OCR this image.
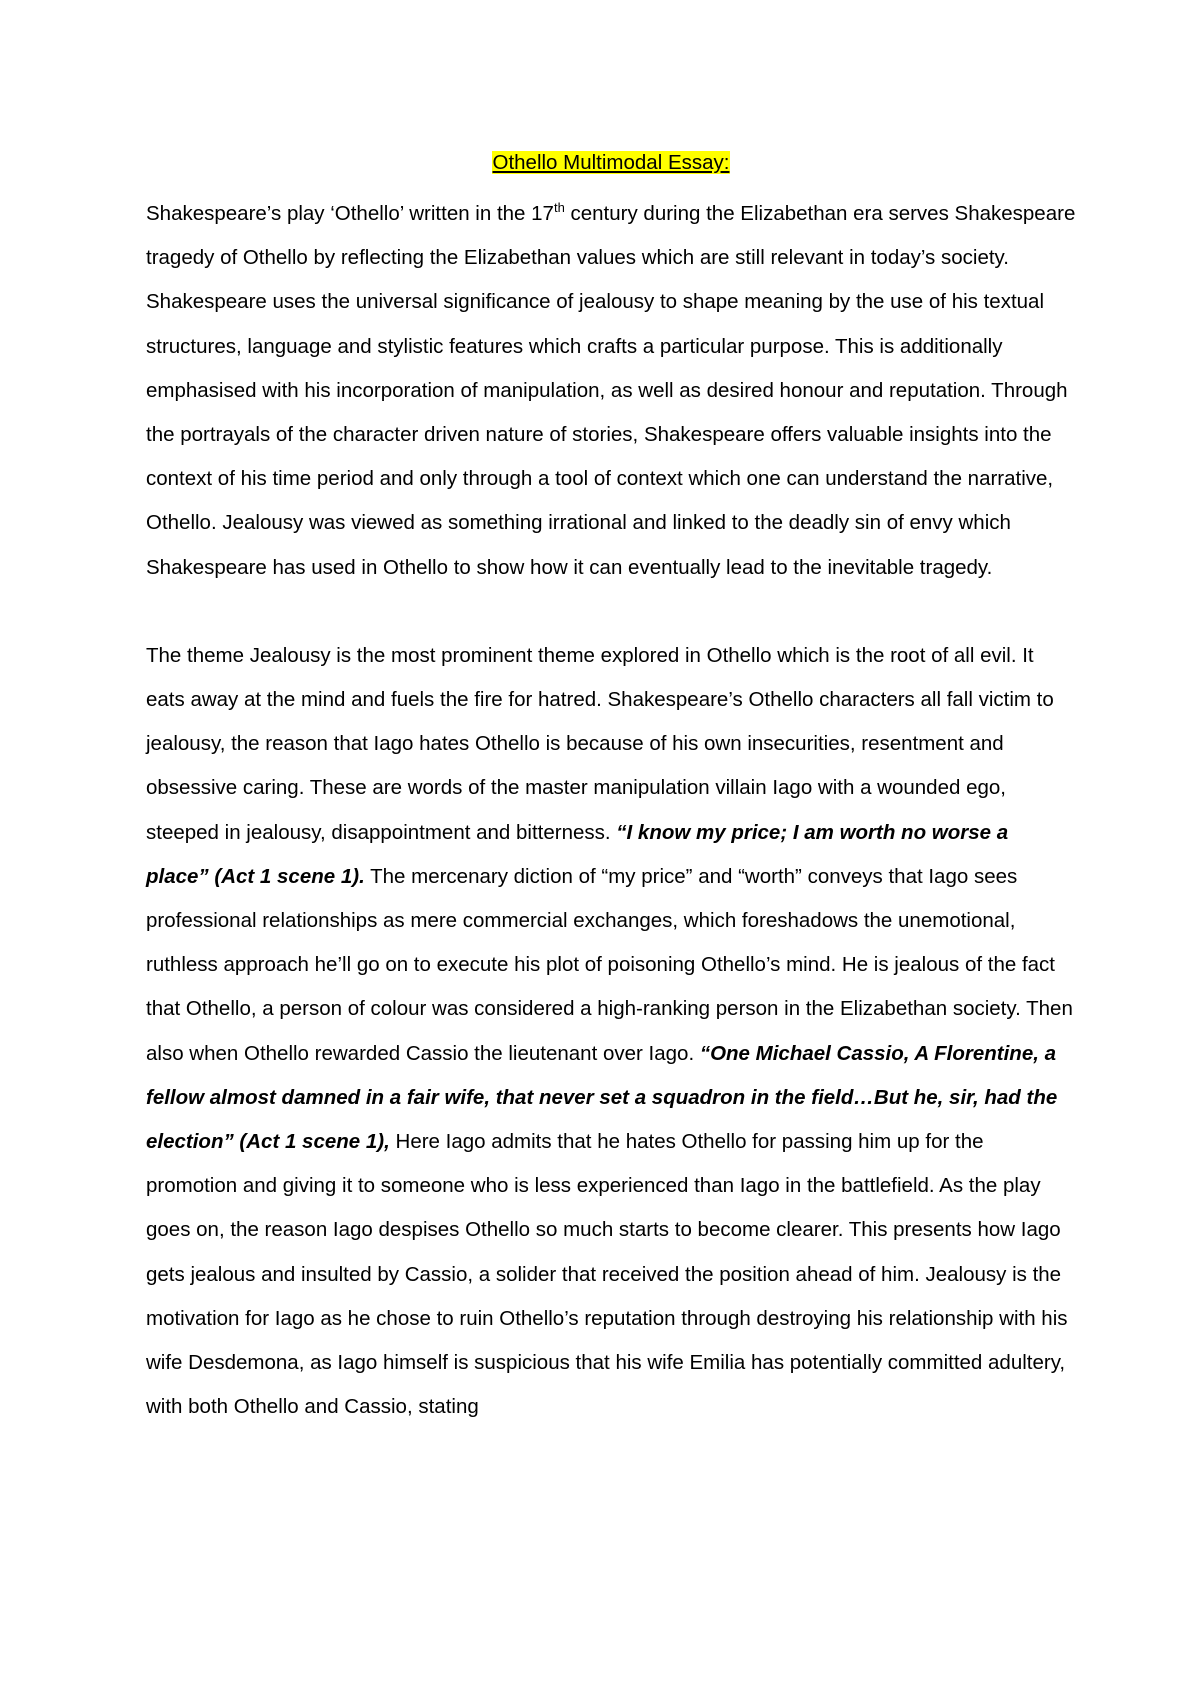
Othello Multimodal Essay:

Shakespeare’s play ‘Othello’ written in the 17th century during the Elizabethan era serves Shakespeare tragedy of Othello by reflecting the Elizabethan values which are still relevant in today’s society. Shakespeare uses the universal significance of jealousy to shape meaning by the use of his textual structures, language and stylistic features which crafts a particular purpose. This is additionally emphasised with his incorporation of manipulation, as well as desired honour and reputation. Through the portrayals of the character driven nature of stories, Shakespeare offers valuable insights into the context of his time period and only through a tool of context which one can understand the narrative, Othello. Jealousy was viewed as something irrational and linked to the deadly sin of envy which Shakespeare has used in Othello to show how it can eventually lead to the inevitable tragedy.

The theme Jealousy is the most prominent theme explored in Othello which is the root of all evil. It eats away at the mind and fuels the fire for hatred. Shakespeare’s Othello characters all fall victim to jealousy, the reason that Iago hates Othello is because of his own insecurities, resentment and obsessive caring. These are words of the master manipulation villain Iago with a wounded ego, steeped in jealousy, disappointment and bitterness. “I know my price; I am worth no worse a place” (Act 1 scene 1). The mercenary diction of “my price” and “worth” conveys that Iago sees professional relationships as mere commercial exchanges, which foreshadows the unemotional, ruthless approach he’ll go on to execute his plot of poisoning Othello’s mind. He is jealous of the fact that Othello, a person of colour was considered a high-ranking person in the Elizabethan society. Then also when Othello rewarded Cassio the lieutenant over Iago. “One Michael Cassio, A Florentine, a fellow almost damned in a fair wife, that never set a squadron in the field…But he, sir, had the election” (Act 1 scene 1), Here Iago admits that he hates Othello for passing him up for the promotion and giving it to someone who is less experienced than Iago in the battlefield. As the play goes on, the reason Iago despises Othello so much starts to become clearer. This presents how Iago gets jealous and insulted by Cassio, a solider that received the position ahead of him. Jealousy is the motivation for Iago as he chose to ruin Othello’s reputation through destroying his relationship with his wife Desdemona, as Iago himself is suspicious that his wife Emilia has potentially committed adultery, with both Othello and Cassio, stating
